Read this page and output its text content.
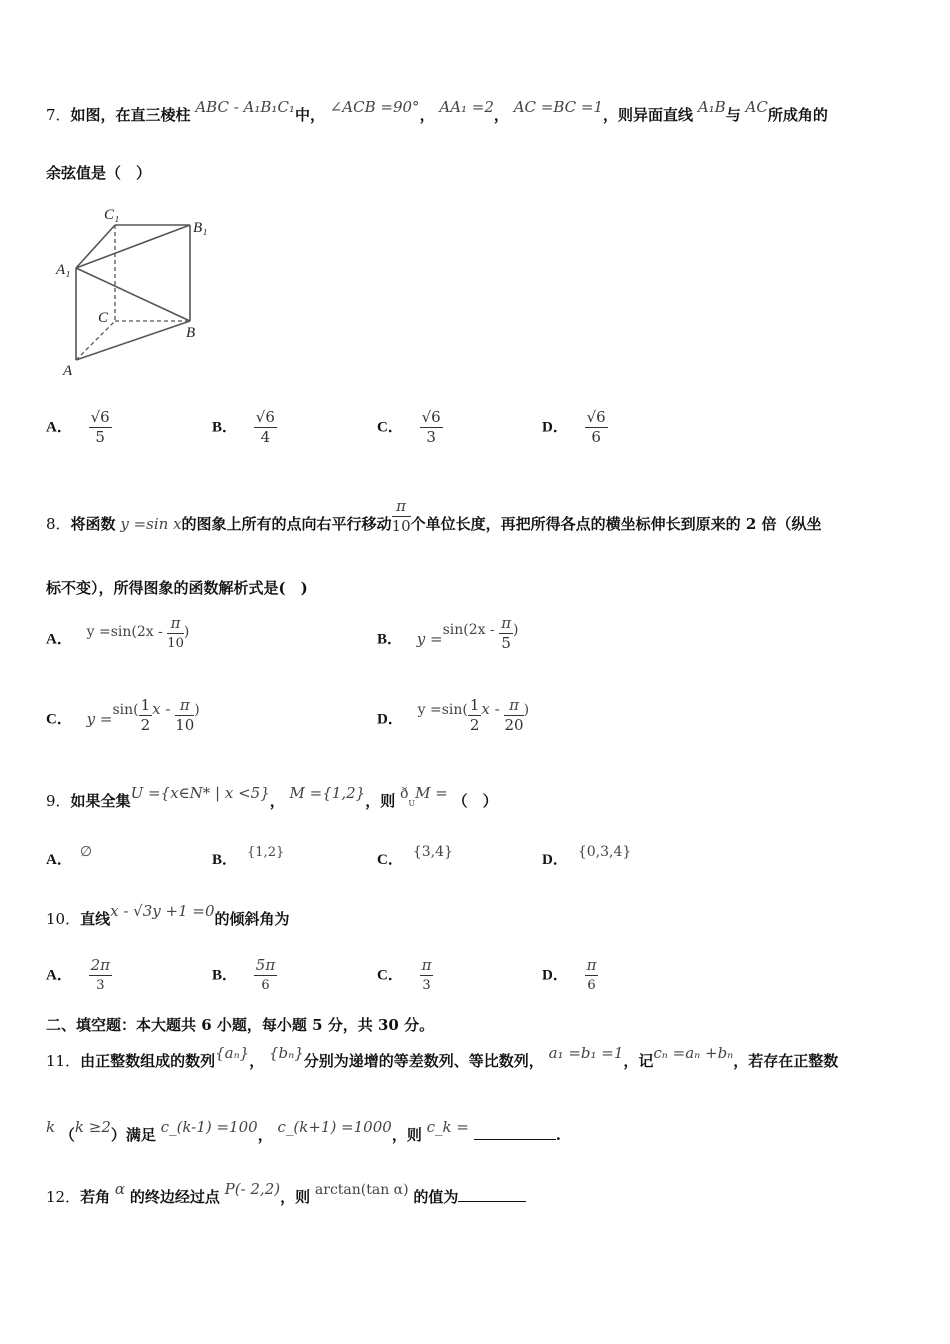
7．如图，在直三棱柱 ABC - A₁B₁C₁中， ∠ACB =90°， AA₁ =2， AC =BC =1，则异面直线 A₁B与 AC所成角的
余弦值是（　）
C₁
B₁
A₁
C
B
A
A． $\frac{√6}{5}$	B． $\frac{√6}{4}$	C． $\frac{√6}{3}$	D． $\frac{√6}{6}$
8．将函数 y =sin x的图象上所有的点向右平行移动 $\frac{\pi}{10}$ 个单位长度，再把所得各点的横坐标伸长到原来的 2 倍（纵坐
标不变），所得图象的函数解析式是(　)
A． $y =\sin(2x - \frac{\pi}{10}$ )	B． $y =\sin(2x - \frac{\pi}{5}$ )
C． $y =\sin( \frac{1}{2}$ x - $\frac{\pi}{10}$ )
D． $y =\sin( \frac{1}{2}$ x - $\frac{\pi}{20}$ )
9．如果全集U ={x∈N* | x <5}， M ={1,2}，则 ðUM = （　）
A． ∅	B． {1,2}	C． {3,4}	D． {0,3,4}
10．直线x - √3y +1 =0的倾斜角为
A． $\frac{2\pi}{3}$	B． $\frac{5\pi}{6}$	C． $\frac{\pi}{3}$	D． $\frac{\pi}{6}$
二、填空题：本大题共 6 小题，每小题 5 分，共 30 分。
11．由正整数组成的数列{aₙ}， {bₙ}分别为递增的等差数列、等比数列， a₁ =b₁ =1，记cₙ =aₙ +bₙ，若存在正整数
k （k ≥2）满足 c_(k-1) =100， c_(k+1) =1000，则 c_k =	.
12．若角 α 的终边经过点 P(- 2,2)，则 arctan(tan α) 的值为
